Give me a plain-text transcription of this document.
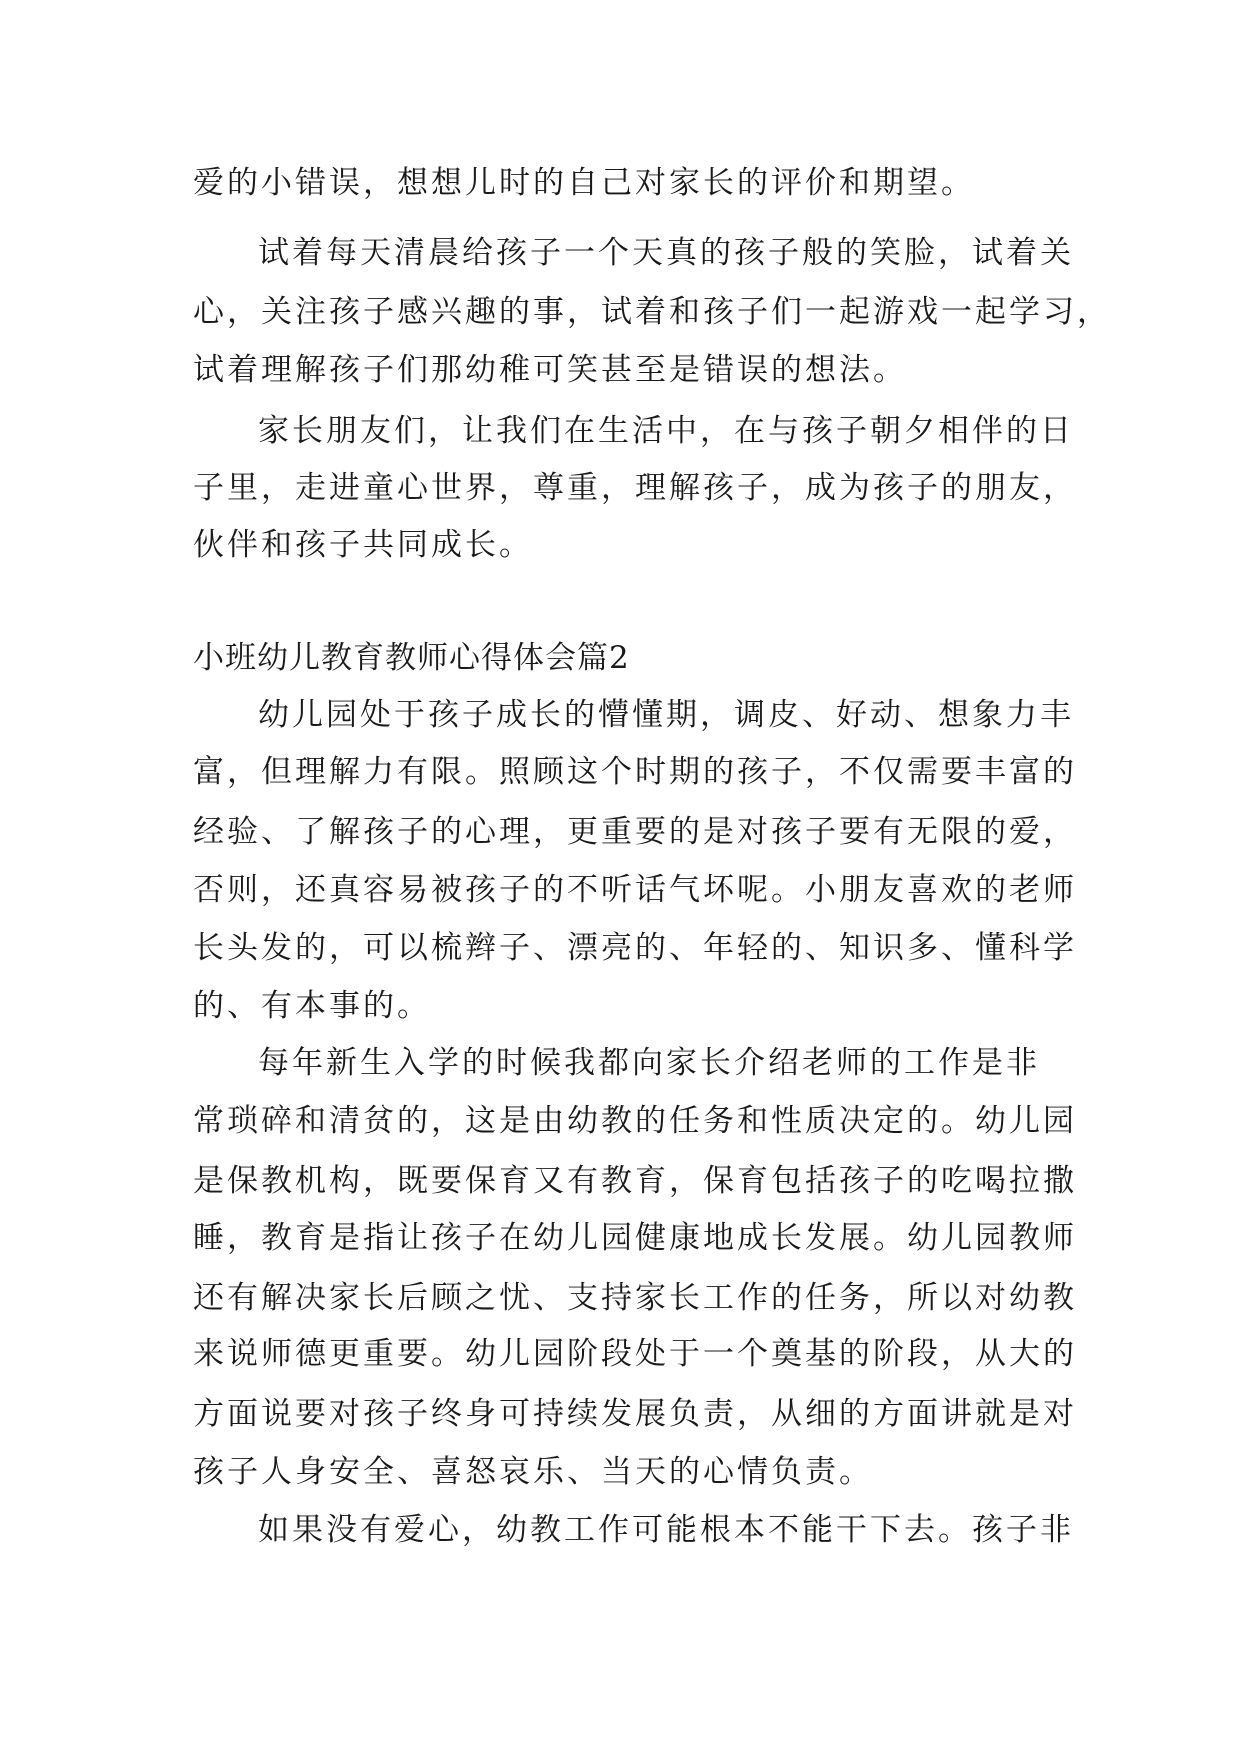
爱的小错误，想想儿时的自己对家长的评价和期望。
试着每天清晨给孩子一个天真的孩子般的笑脸，试着关
心，关注孩子感兴趣的事，试着和孩子们一起游戏一起学习，
试着理解孩子们那幼稚可笑甚至是错误的想法。
家长朋友们，让我们在生活中，在与孩子朝夕相伴的日
子里，走进童心世界，尊重，理解孩子，成为孩子的朋友，
伙伴和孩子共同成长。
小班幼儿教育教师心得体会篇2
幼儿园处于孩子成长的懵懂期，调皮、好动、想象力丰
富，但理解力有限。照顾这个时期的孩子，不仅需要丰富的
经验、了解孩子的心理，更重要的是对孩子要有无限的爱，
否则，还真容易被孩子的不听话气坏呢。小朋友喜欢的老师
长头发的，可以梳辫子、漂亮的、年轻的、知识多、懂科学
的、有本事的。
每年新生入学的时候我都向家长介绍老师的工作是非
常琐碎和清贫的，这是由幼教的任务和性质决定的。幼儿园
是保教机构，既要保育又有教育，保育包括孩子的吃喝拉撒
睡，教育是指让孩子在幼儿园健康地成长发展。幼儿园教师
还有解决家长后顾之忧、支持家长工作的任务，所以对幼教
来说师德更重要。幼儿园阶段处于一个奠基的阶段，从大的
方面说要对孩子终身可持续发展负责，从细的方面讲就是对
孩子人身安全、喜怒哀乐、当天的心情负责。
如果没有爱心，幼教工作可能根本不能干下去。孩子非
